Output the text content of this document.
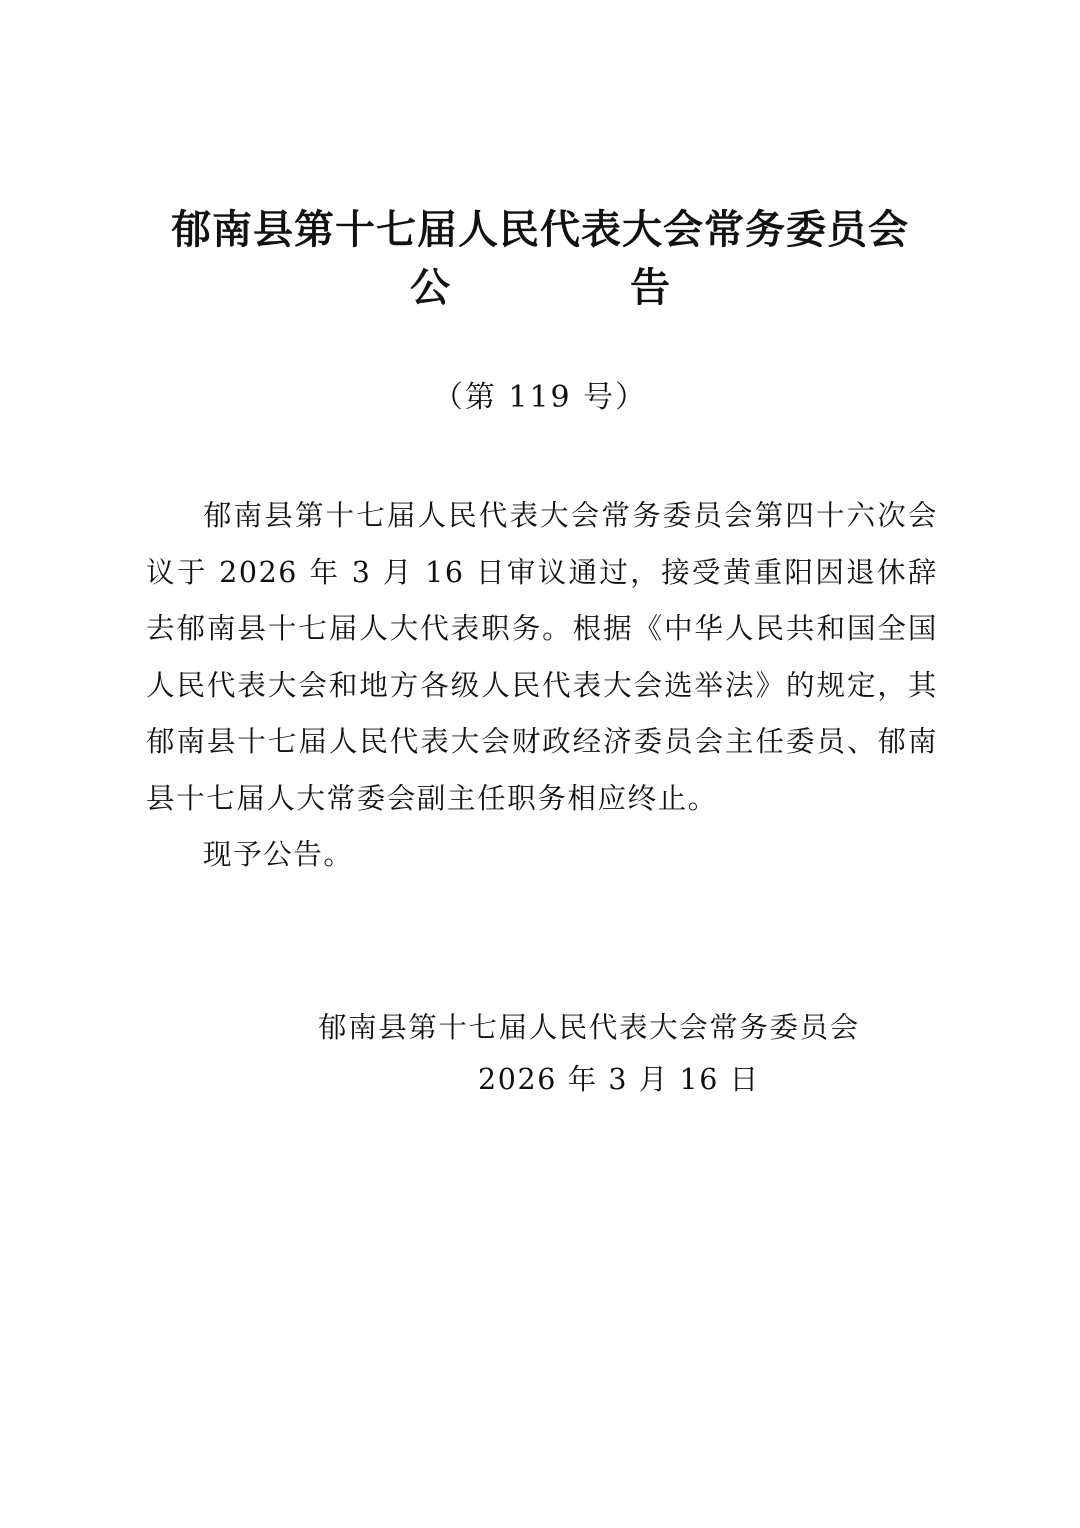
郁南县第十七届人民代表大会常务委员会
公	告
（第 119 号）

郁南县第十七届人民代表大会常务委员会第四十六次会议于 2026 年 3 月 16 日审议通过，接受黄重阳因退休辞去郁南县十七届人大代表职务。根据《中华人民共和国全国人民代表大会和地方各级人民代表大会选举法》的规定，其郁南县十七届人民代表大会财政经济委员会主任委员、郁南县十七届人大常委会副主任职务相应终止。

现予公告。

郁南县第十七届人民代表大会常务委员会
2026 年 3 月 16 日
